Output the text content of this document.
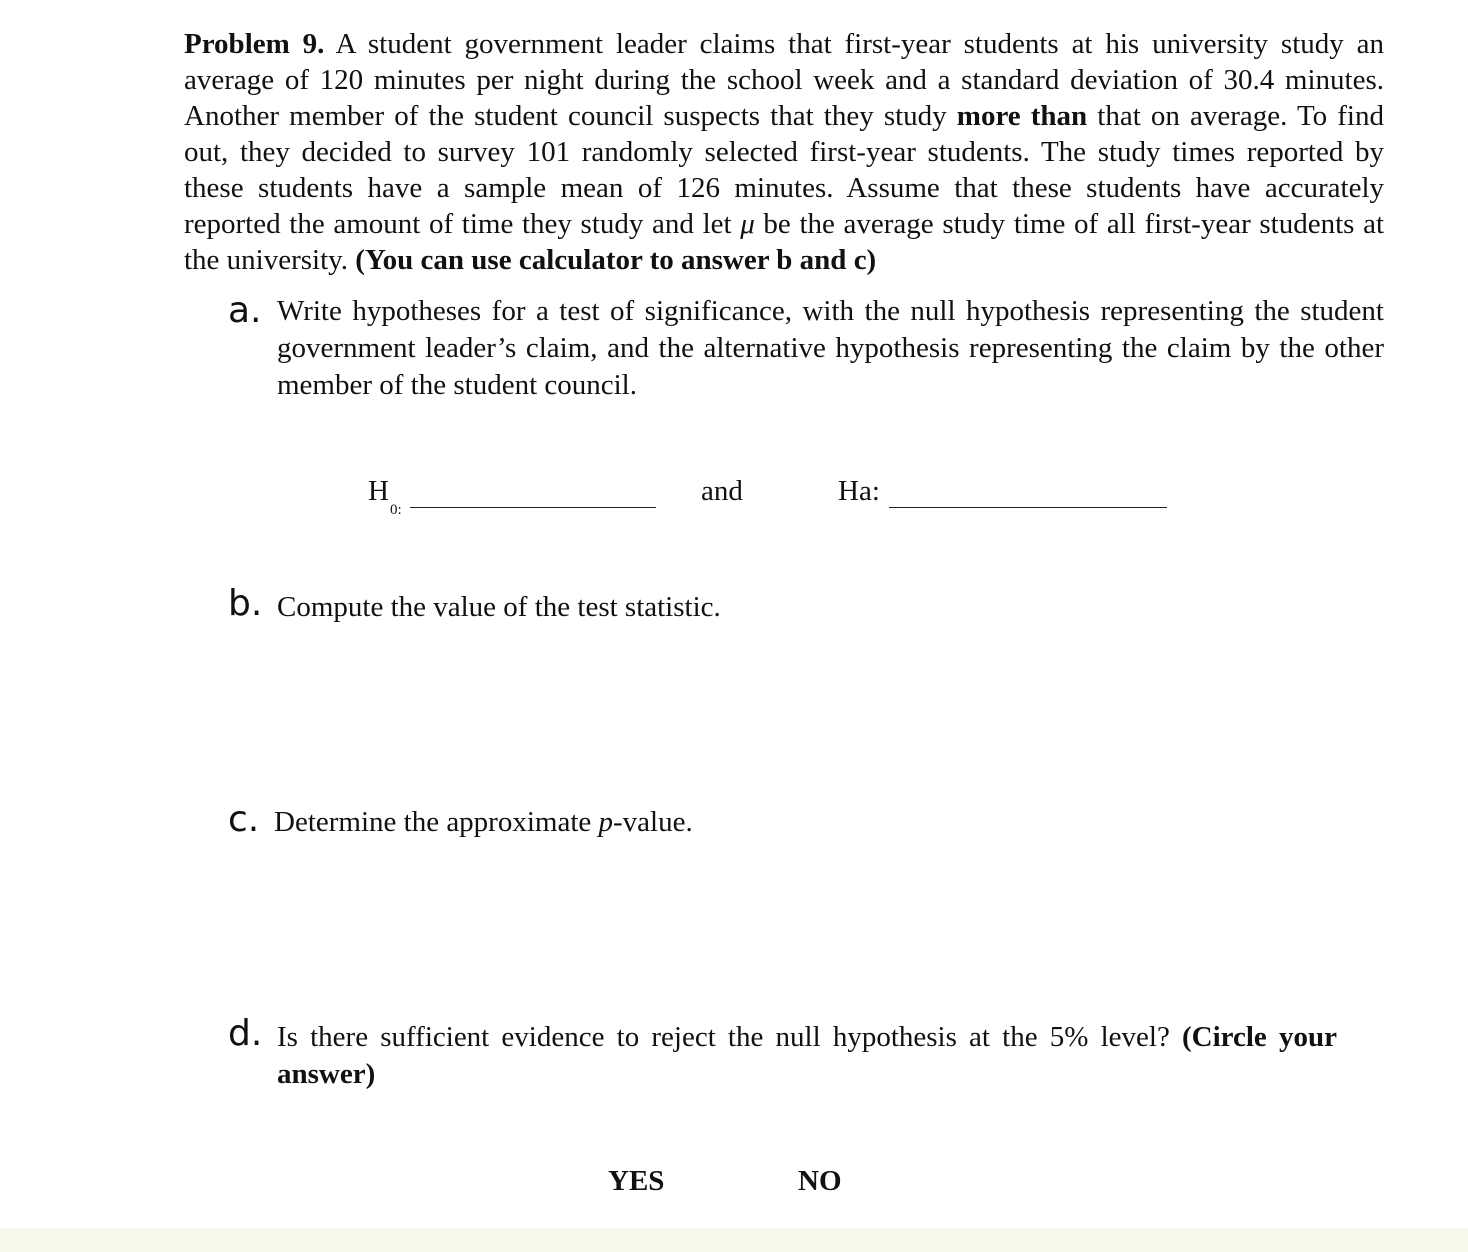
Problem 9. A student government leader claims that first-year students at his university study an average of 120 minutes per night during the school week and a standard deviation of 30.4 minutes. Another member of the student council suspects that they study more than that on average. To find out, they decided to survey 101 randomly selected first-year students. The study times reported by these students have a sample mean of 126 minutes. Assume that these students have accurately reported the amount of time they study and let μ be the average study time of all first-year students at the university. (You can use calculator to answer b and c)
a. Write hypotheses for a test of significance, with the null hypothesis representing the student government leader’s claim, and the alternative hypothesis representing the claim by the other member of the student council.
H
0:
and	Ha:
b. Compute the value of the test statistic.
c. Determine the approximate p-value.
d. Is there sufficient evidence to reject the null hypothesis at the 5% level? (Circle your answer)
YES	NO
